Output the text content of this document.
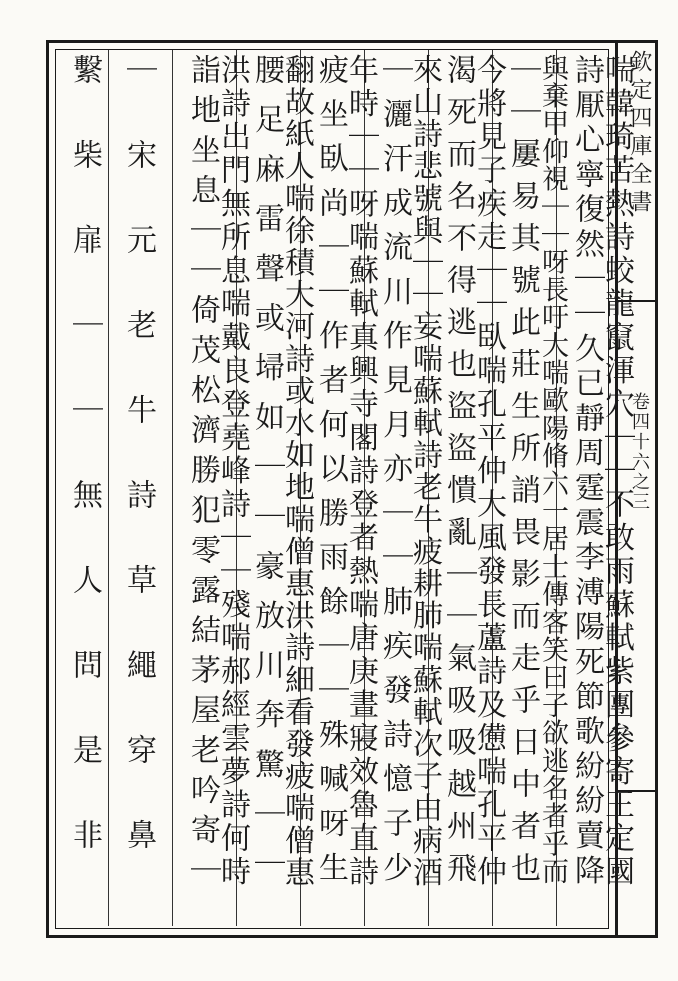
欽定四庫全書
卷四十六之三
喘韓琦苦熱詩蛟龍竄渾穴｜｜不敢雨蘇軾紫團參寄王定國
詩厭心寧復然｜｜久已靜周霆震李溥陽死節歌紛紛賣降
與棄甲仰視｜｜呀長吁大喘歐陽脩六一居士傳客笑曰子欲逃名者乎而
｜｜屢易其號此莊生所誚畏影而走乎日中者也
今將見子疾走｜｜臥喘孔平仲大風發長蘆詩及憊喘孔平仲
渴死而名不得逃也盜盜憒亂｜｜氣吸吸越州飛
來山詩悲號與｜｜妄喘蘇軾詩老牛疲耕肺喘蘇軾次子由病酒
｜灑汗成流川作見月亦｜｜肺疾發詩憶子少
年時｜｜呀喘蘇軾真興寺閣詩登者熱喘唐庚晝寢效魯直詩
疲坐臥尚｜｜作者何以勝雨餘｜｜殊喊呀生
翻故紙人喘徐積大河詩或水如地喘僧惠洪詩細看發疲喘僧惠
腰足麻雷聲或埽如｜｜豪放川奔驚｜｜
洪詩出門無所息喘戴良登堯峰詩｜｜殘喘郝經雲夢詩何時
詣地坐息｜｜倚茂松濟勝犯零露結茅屋老吟寄｜
｜宋元老牛詩草繩穿鼻
繫柴扉｜｜無人問是非
